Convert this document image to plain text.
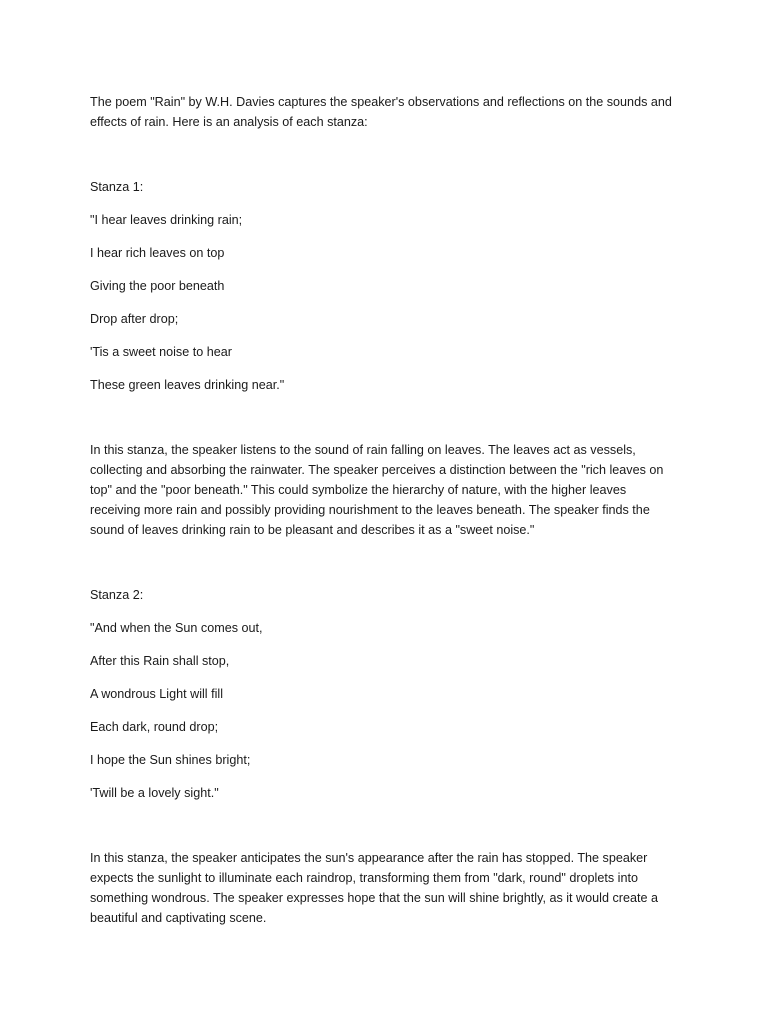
The poem "Rain" by W.H. Davies captures the speaker's observations and reflections on the sounds and effects of rain. Here is an analysis of each stanza:

Stanza 1:

"I hear leaves drinking rain;

I hear rich leaves on top

Giving the poor beneath

Drop after drop;

'Tis a sweet noise to hear

These green leaves drinking near."

In this stanza, the speaker listens to the sound of rain falling on leaves. The leaves act as vessels, collecting and absorbing the rainwater. The speaker perceives a distinction between the "rich leaves on top" and the "poor beneath." This could symbolize the hierarchy of nature, with the higher leaves receiving more rain and possibly providing nourishment to the leaves beneath. The speaker finds the sound of leaves drinking rain to be pleasant and describes it as a "sweet noise."

Stanza 2:

"And when the Sun comes out,

After this Rain shall stop,

A wondrous Light will fill

Each dark, round drop;

I hope the Sun shines bright;

'Twill be a lovely sight."

In this stanza, the speaker anticipates the sun's appearance after the rain has stopped. The speaker expects the sunlight to illuminate each raindrop, transforming them from "dark, round" droplets into something wondrous. The speaker expresses hope that the sun will shine brightly, as it would create a beautiful and captivating scene.
